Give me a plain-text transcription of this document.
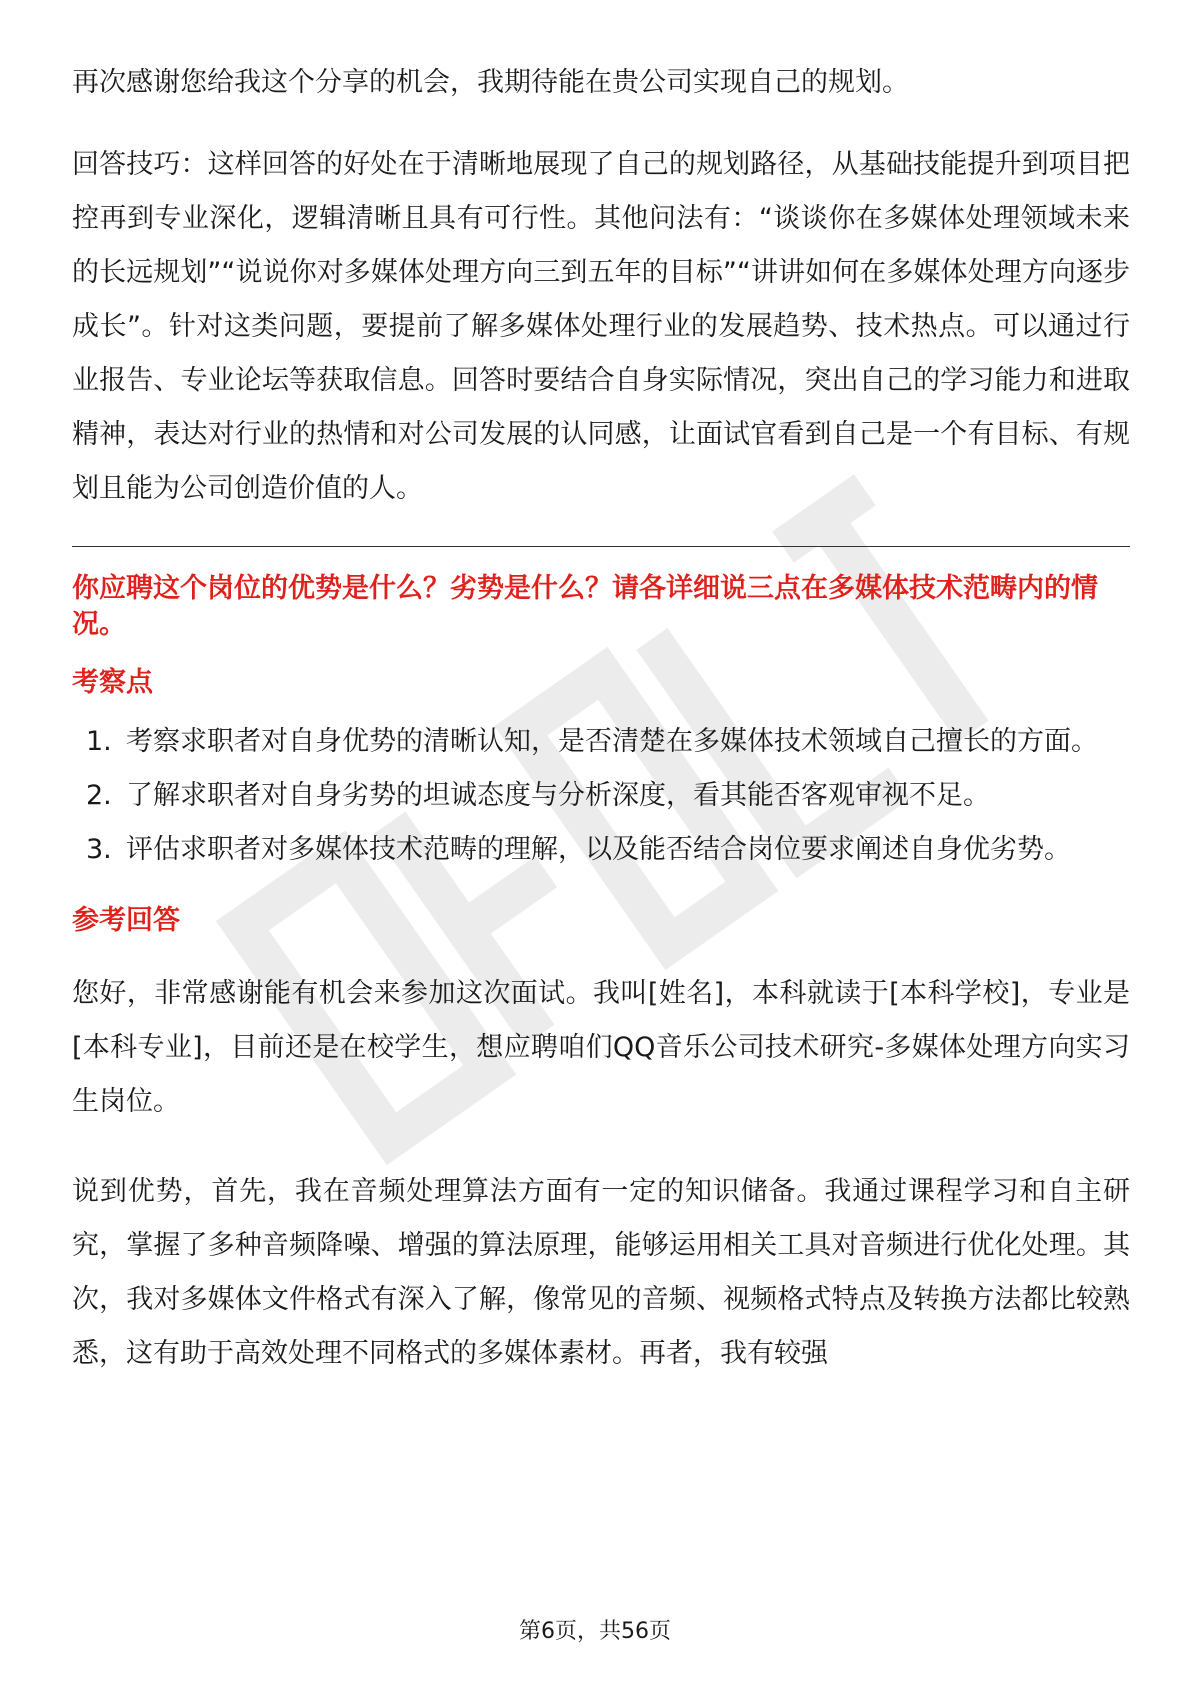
再次感谢您给我这个分享的机会，我期待能在贵公司实现自己的规划。

回答技巧：这样回答的好处在于清晰地展现了自己的规划路径，从基础技能提升到项目把控再到专业深化，逻辑清晰且具有可行性。其他问法有：“谈谈你在多媒体处理领域未来的长远规划”“说说你对多媒体处理方向三到五年的目标”“讲讲如何在多媒体处理方向逐步成长”。针对这类问题，要提前了解多媒体处理行业的发展趋势、技术热点。可以通过行业报告、专业论坛等获取信息。回答时要结合自身实际情况，突出自己的学习能力和进取精神，表达对行业的热情和对公司发展的认同感，让面试官看到自己是一个有目标、有规划且能为公司创造价值的人。

你应聘这个岗位的优势是什么？劣势是什么？请各详细说三点在多媒体技术范畴内的情况。

考察点
1. 考察求职者对自身优势的清晰认知，是否清楚在多媒体技术领域自己擅长的方面。
2. 了解求职者对自身劣势的坦诚态度与分析深度，看其能否客观审视不足。
3. 评估求职者对多媒体技术范畴的理解，以及能否结合岗位要求阐述自身优劣势。
参考回答

您好，非常感谢能有机会来参加这次面试。我叫[姓名]，本科就读于[本科学校]，专业是[本科专业]，目前还是在校学生，想应聘咱们QQ音乐公司技术研究-多媒体处理方向实习生岗位。

说到优势，首先，我在音频处理算法方面有一定的知识储备。我通过课程学习和自主研究，掌握了多种音频降噪、增强的算法原理，能够运用相关工具对音频进行优化处理。其次，我对多媒体文件格式有深入了解，像常见的音频、视频格式特点及转换方法都比较熟悉，这有助于高效处理不同格式的多媒体素材。再者，我有较强

第6页，共56页
